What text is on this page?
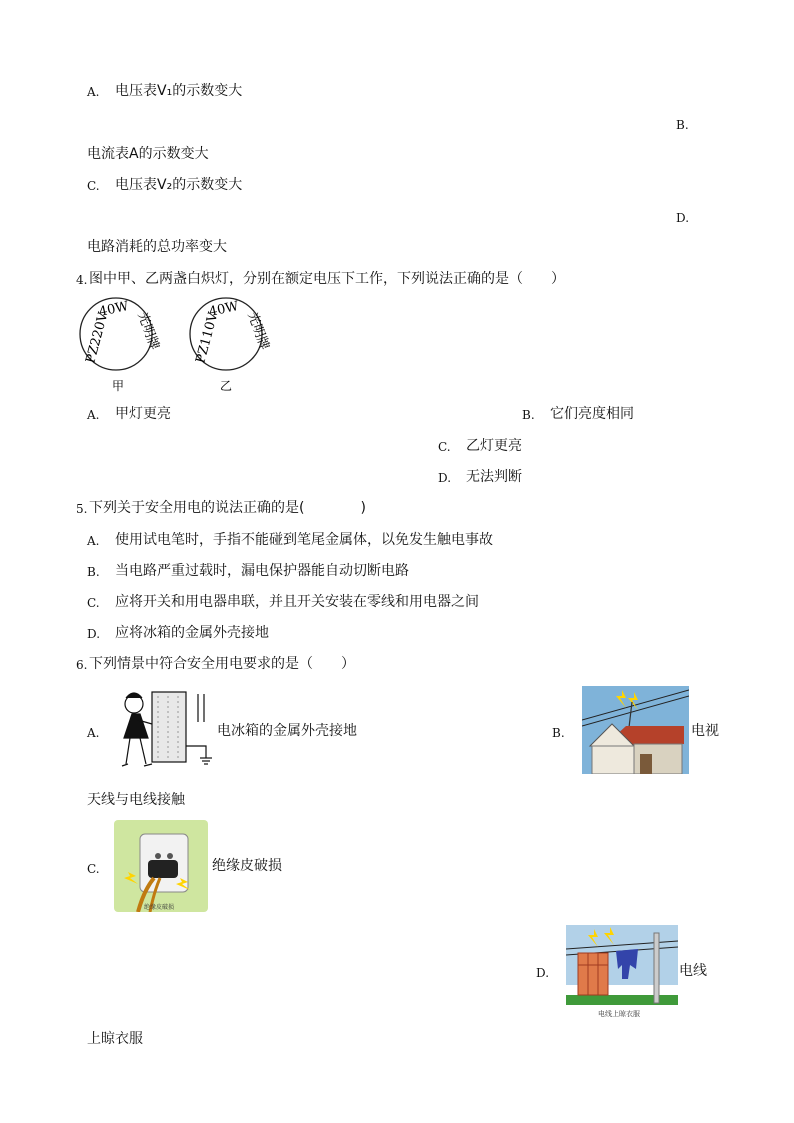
A. 电压表V₁的示数变大
B.
电流表A的示数变大
C. 电压表V₂的示数变大
D.
电路消耗的总功率变大
4. 图中甲、乙两盏白炽灯，分别在额定电压下工作，下列说法正确的是（　　）
PZ220V
40W
光明牌
甲
PZ110V
40W
光明牌
乙
A. 甲灯更亮	B. 它们亮度相同
C. 乙灯更亮
D. 无法判断
5. 下列关于安全用电的说法正确的是(　　　　)
A. 使用试电笔时，手指不能碰到笔尾金属体，以免发生触电事故
B. 当电路严重过载时，漏电保护器能自动切断电路
C. 应将开关和用电器串联，并且开关安装在零线和用电器之间
D. 应将冰箱的金属外壳接地
6. 下列情景中符合安全用电要求的是（　　）
A.	电冰箱的金属外壳接地	B.	电视
天线与电线接触
C.
绝缘皮破损
绝缘皮破损
D.
电线上晾衣服
电线
上晾衣服
